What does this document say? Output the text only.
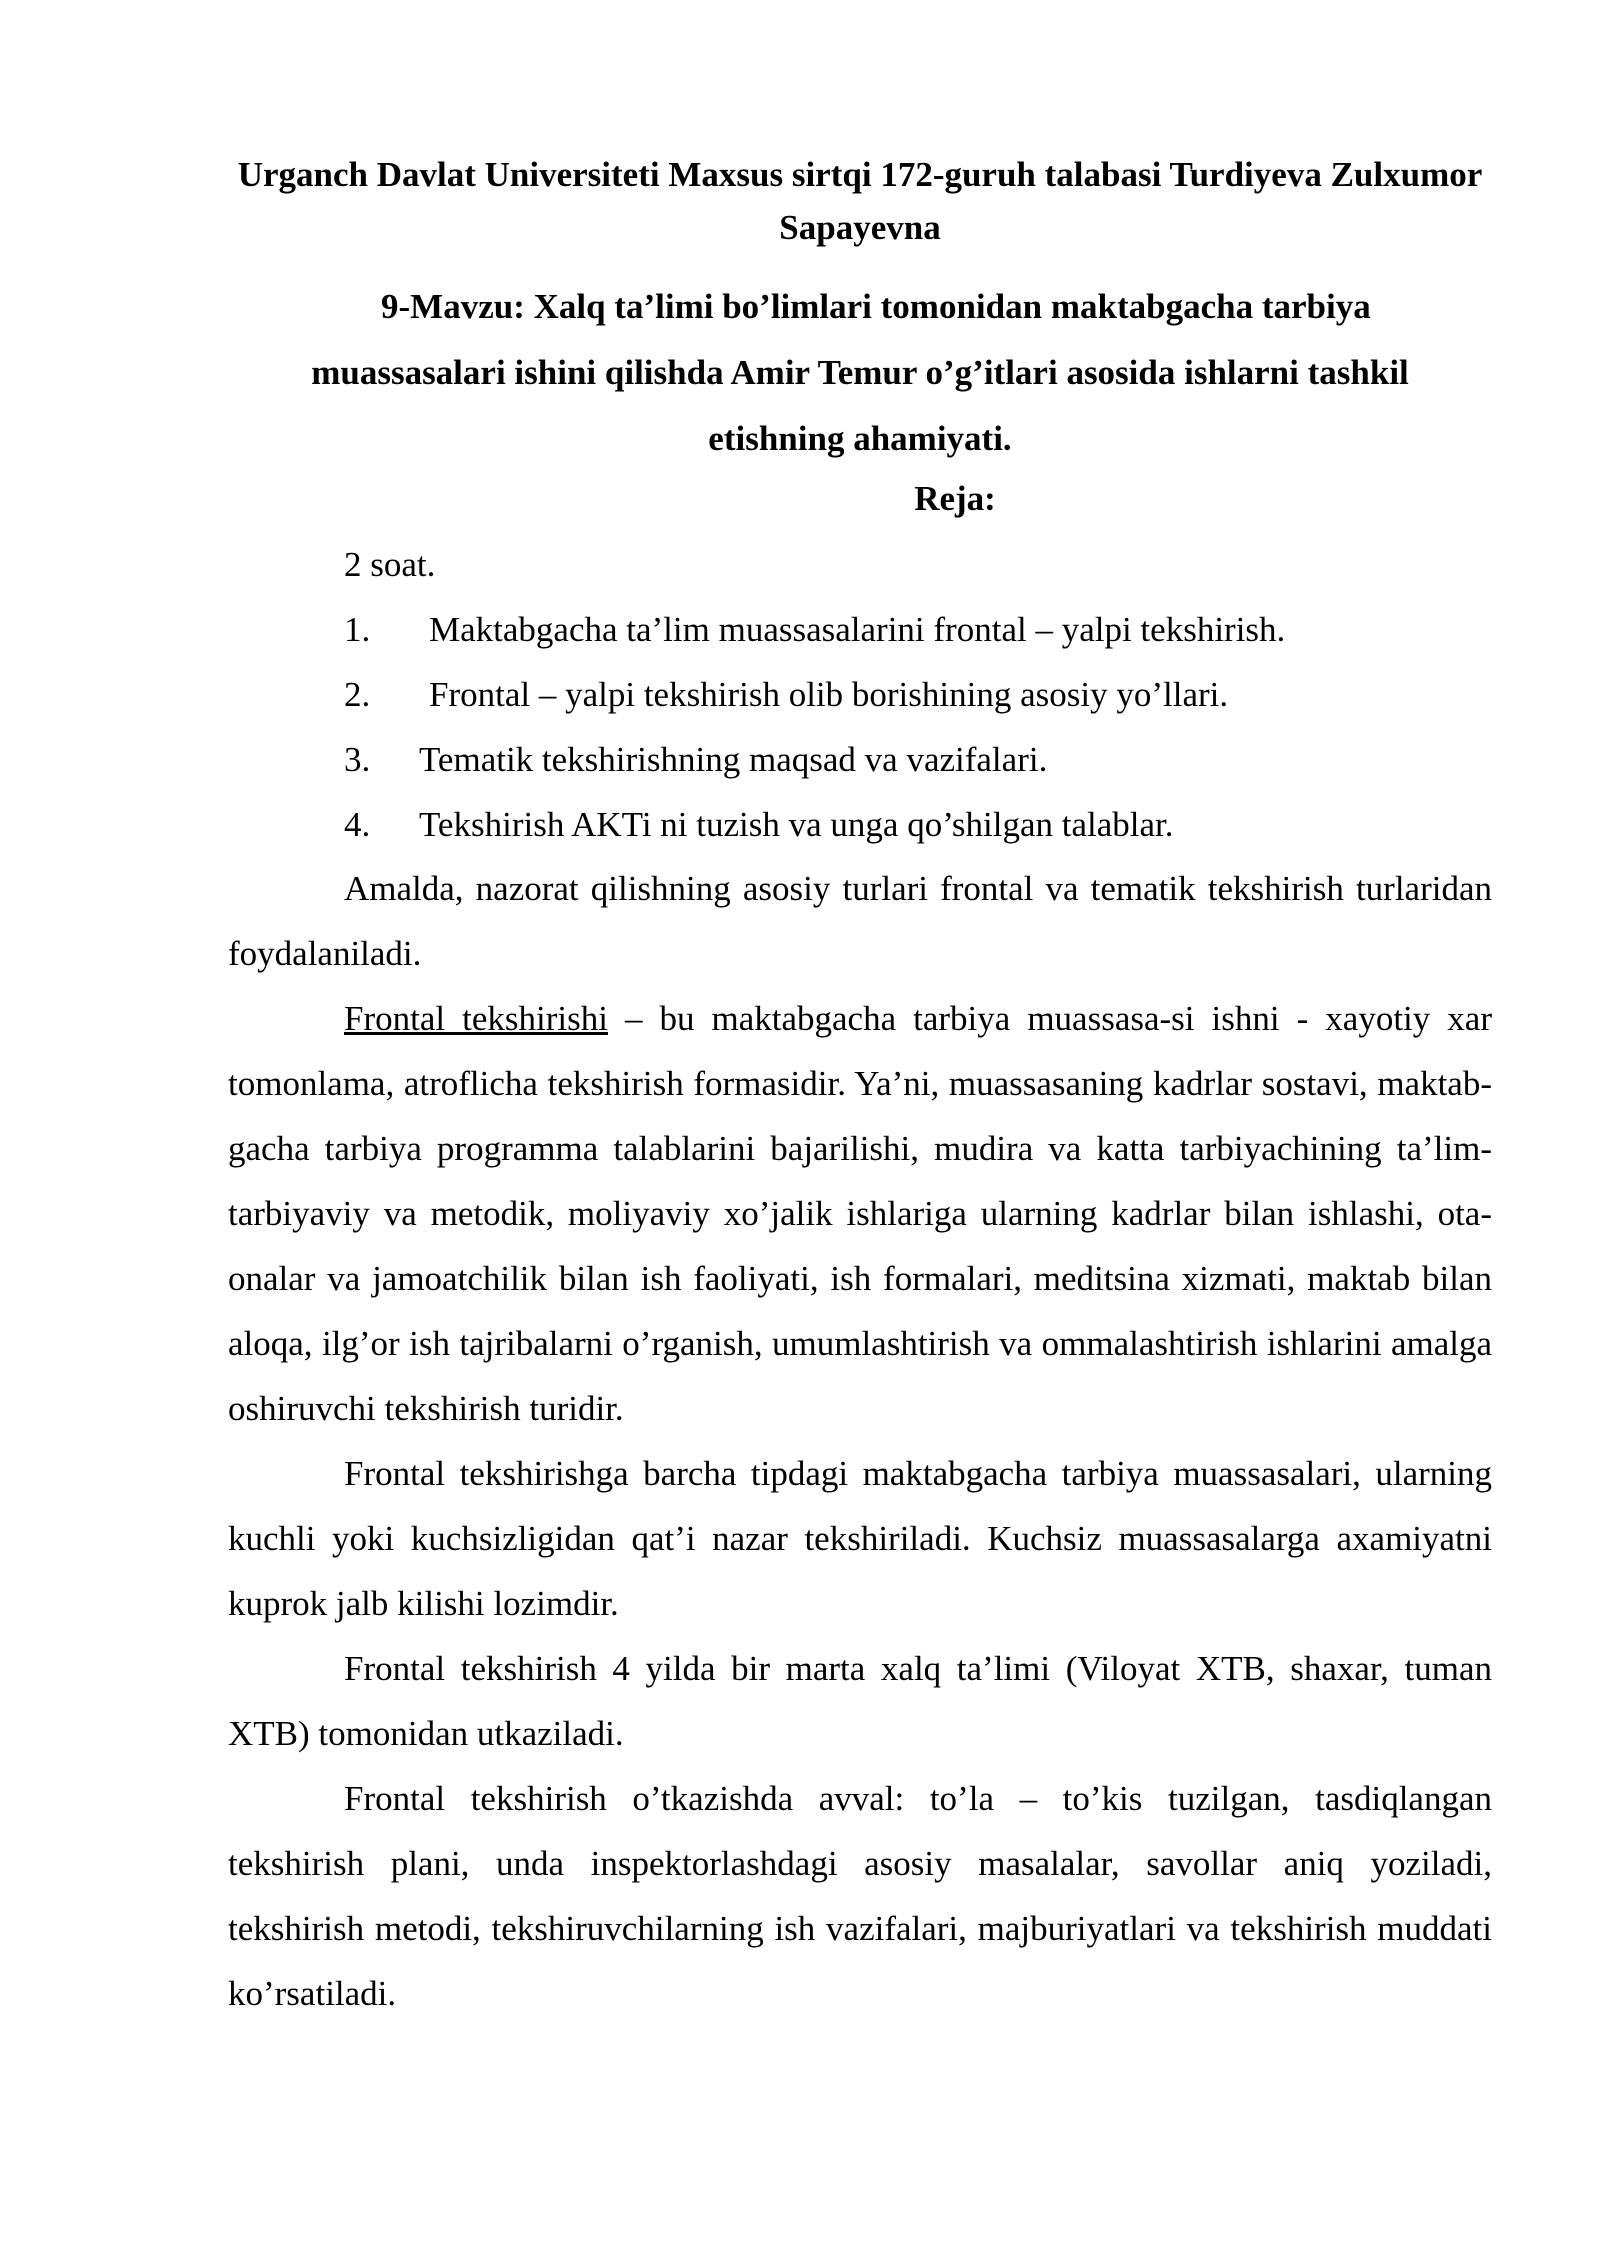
Urganch Davlat Universiteti Maxsus sirtqi 172-guruh talabasi Turdiyeva Zulxumor Sapayevna
9-Mavzu: Xalq ta’limi bo’limlari tomonidan maktabgacha tarbiya
muassasalari ishini qilishda Amir Temur o’g’itlari asosida ishlarni tashkil
etishning ahamiyati.
Reja:
2 soat.
1. Maktabgacha ta’lim muassasalarini frontal – yalpi tekshirish.
2. Frontal – yalpi tekshirish olib borishining asosiy yo’llari.
3. Tematik tekshirishning maqsad va vazifalari.
4. Tekshirish AKTi ni tuzish va unga qo’shilgan talablar.

Amalda, nazorat qilishning asosiy turlari frontal va tematik tekshirish turlaridan foydalaniladi.

Frontal tekshirishi – bu maktabgacha tarbiya muassasa-si ishni - xayotiy xar tomonlama, atroflicha tekshirish formasidir. Ya’ni, muassasaning kadrlar sostavi, maktab-gacha tarbiya programma talablarini bajarilishi, mudira va katta tarbiyachining ta’lim-tarbiyaviy va metodik, moliyaviy xo’jalik ishlariga ularning kadrlar bilan ishlashi, ota-onalar va jamoatchilik bilan ish faoliyati, ish formalari, meditsina xizmati, maktab bilan aloqa, ilg’or ish tajribalarni o’rganish, umumlashtirish va ommalashtirish ishlarini amalga oshiruvchi tekshirish turidir.

Frontal tekshirishga barcha tipdagi maktabgacha tarbiya muassasalari, ularning kuchli yoki kuchsizligidan qat’i nazar tekshiriladi. Kuchsiz muassasalarga axamiyatni kuprok jalb kilishi lozimdir.

Frontal tekshirish 4 yilda bir marta xalq ta’limi (Viloyat XTB, shaxar, tuman XTB) tomonidan utkaziladi.

Frontal tekshirish o’tkazishda avval: to’la – to’kis tuzilgan, tasdiqlangan tekshirish plani, unda inspektorlashdagi asosiy masalalar, savollar aniq yoziladi, tekshirish metodi, tekshiruvchilarning ish vazifalari, majburiyatlari va tekshirish muddati ko’rsatiladi.
